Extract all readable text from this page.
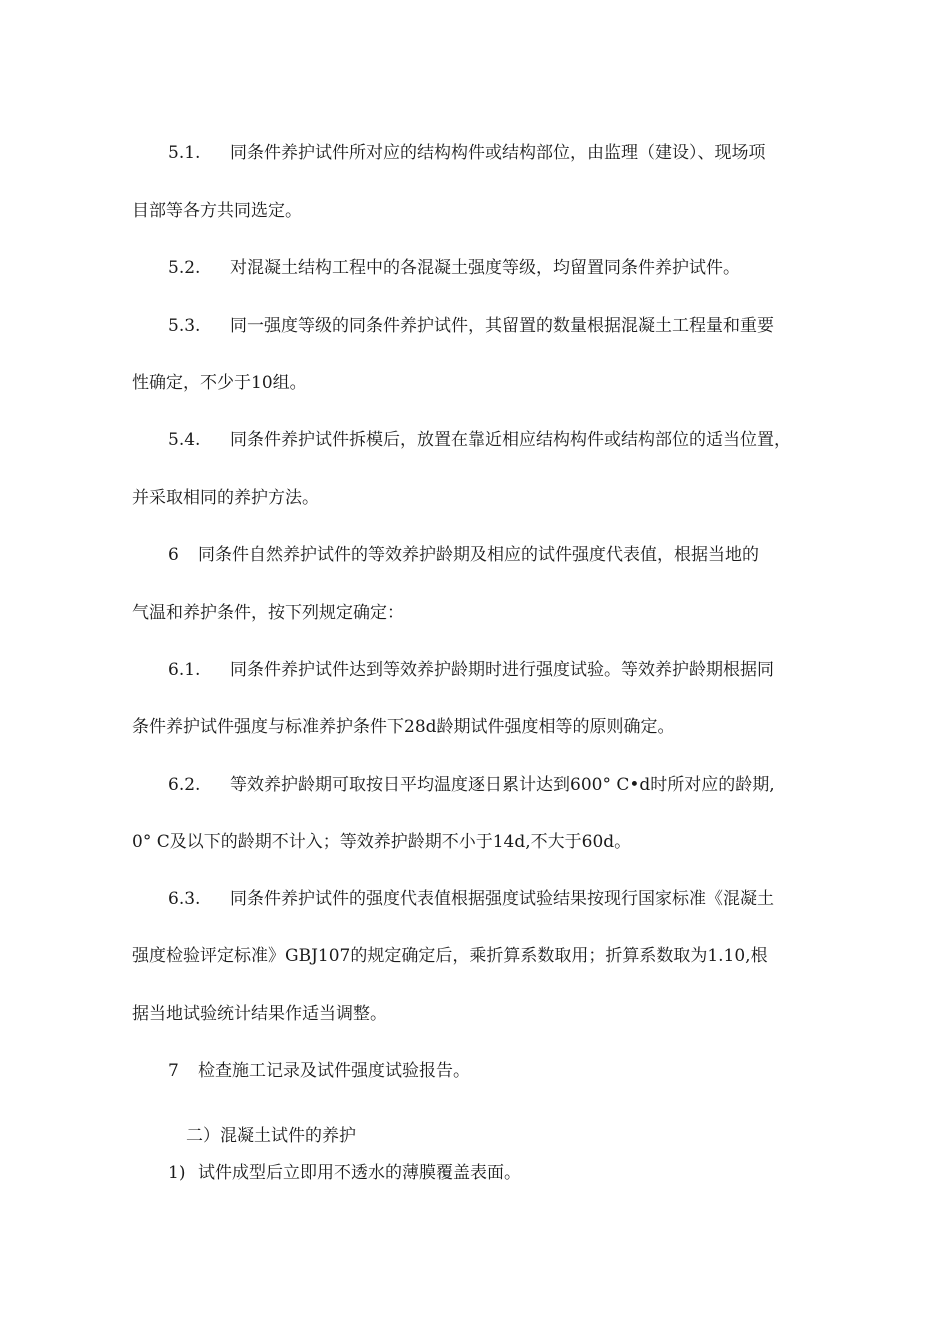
5.1. 同条件养护试件所对应的结构构件或结构部位，由监理（建设）、现场项
目部等各方共同选定。
5.2. 对混凝土结构工程中的各混凝土强度等级，均留置同条件养护试件。
5.3. 同一强度等级的同条件养护试件，其留置的数量根据混凝土工程量和重要
性确定，不少于10组。
5.4. 同条件养护试件拆模后，放置在靠近相应结构构件或结构部位的适当位置，
并采取相同的养护方法。
6 同条件自然养护试件的等效养护龄期及相应的试件强度代表值，根据当地的
气温和养护条件，按下列规定确定：
6.1. 同条件养护试件达到等效养护龄期时进行强度试验。等效养护龄期根据同
条件养护试件强度与标准养护条件下28d龄期试件强度相等的原则确定。
6.2. 等效养护龄期可取按日平均温度逐日累计达到600° C•d时所对应的龄期,
0° C及以下的龄期不计入；等效养护龄期不小于14d,不大于60d。
6.3. 同条件养护试件的强度代表值根据强度试验结果按现行国家标准《混凝土
强度检验评定标准》GBJ107的规定确定后，乘折算系数取用；折算系数取为1.10,根
据当地试验统计结果作适当调整。
7 检查施工记录及试件强度试验报告。
二）混凝土试件的养护
1) 试件成型后立即用不透水的薄膜覆盖表面。
